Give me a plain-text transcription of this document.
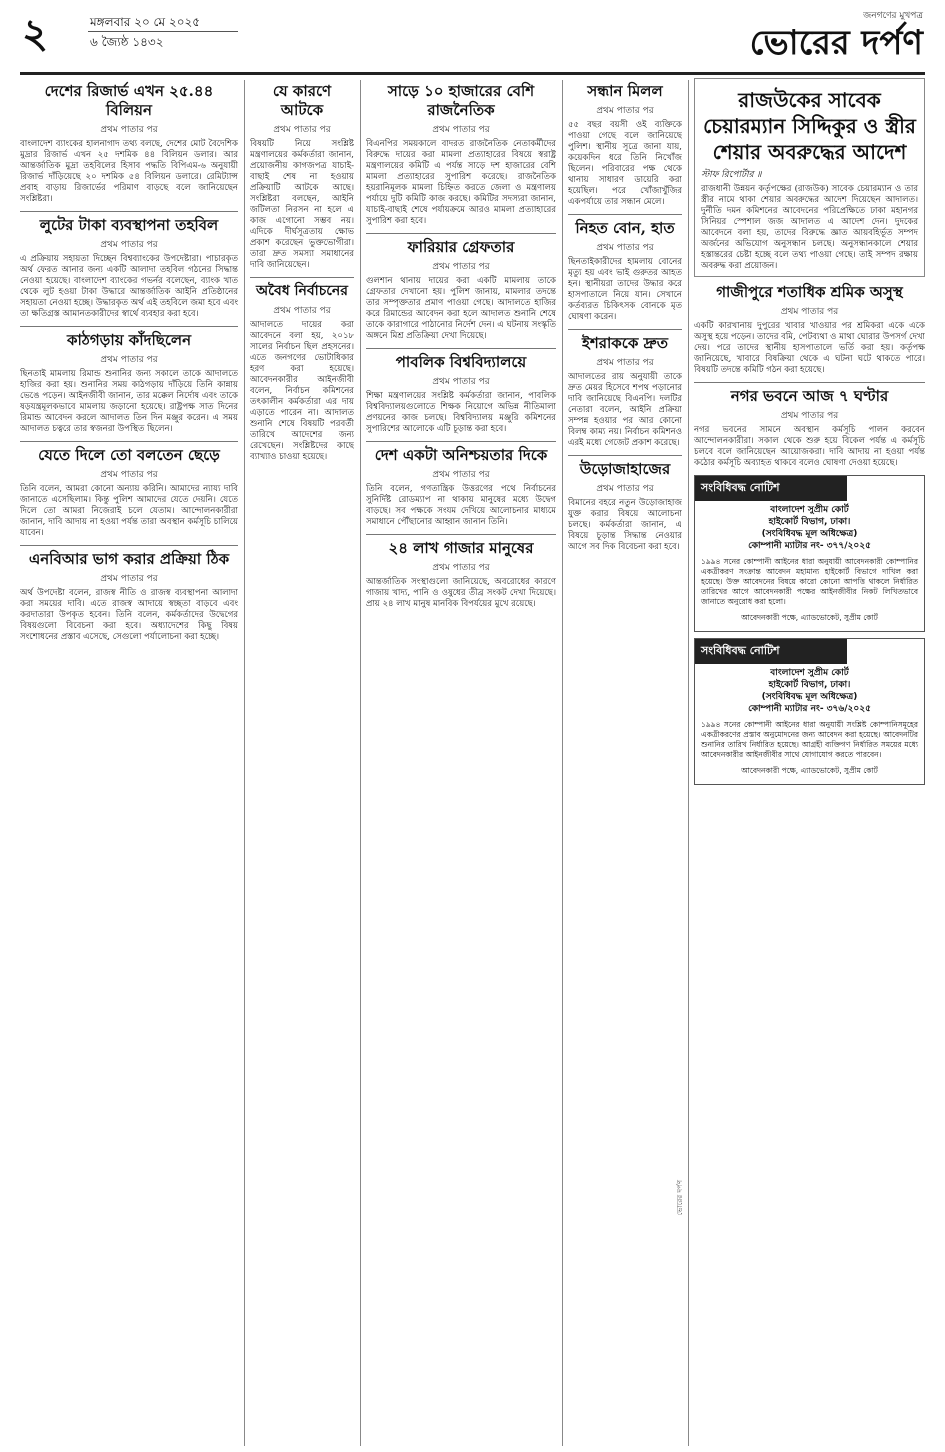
২	মঙ্গলবার ২০ মে ২০২৫
৬ জ্যৈষ্ঠ ১৪৩২
জনগণের মুখপত্র
ভোরের দর্পণ
দেশের রিজার্ভ এখন ২৫.৪৪ বিলিয়ন
প্রথম পাতার পর
বাংলাদেশ ব্যাংকের হালনাগাদ তথ্য বলছে, দেশের মোট বৈদেশিক মুদ্রার রিজার্ভ এখন ২৫ দশমিক ৪৪ বিলিয়ন ডলার। আর আন্তর্জাতিক মুদ্রা তহবিলের হিসাব পদ্ধতি বিপিএম-৬ অনুযায়ী রিজার্ভ দাঁড়িয়েছে ২০ দশমিক ৫৪ বিলিয়ন ডলারে। রেমিট্যান্স প্রবাহ বাড়ায় রিজার্ভের পরিমাণ বাড়ছে বলে জানিয়েছেন সংশ্লিষ্টরা।
লুটের টাকা ব্যবস্থাপনা তহবিল
প্রথম পাতার পর
এ প্রক্রিয়ায় সহায়তা দিচ্ছেন বিশ্বব্যাংকের উপদেষ্টারা। পাচারকৃত অর্থ ফেরত আনার জন্য একটি আলাদা তহবিল গঠনের সিদ্ধান্ত নেওয়া হয়েছে। বাংলাদেশ ব্যাংকের গভর্নর বলেছেন, ব্যাংক খাত থেকে লুট হওয়া টাকা উদ্ধারে আন্তর্জাতিক আইনি প্রতিষ্ঠানের সহায়তা নেওয়া হচ্ছে। উদ্ধারকৃত অর্থ এই তহবিলে জমা হবে এবং তা ক্ষতিগ্রস্ত আমানতকারীদের স্বার্থে ব্যবহার করা হবে।
কাঠগড়ায় কাঁদছিলেন
প্রথম পাতার পর
ছিনতাই মামলায় রিমান্ড শুনানির জন্য সকালে তাকে আদালতে হাজির করা হয়। শুনানির সময় কাঠগড়ায় দাঁড়িয়ে তিনি কান্নায় ভেঙে পড়েন। আইনজীবী জানান, তার মক্কেল নির্দোষ এবং তাকে ষড়যন্ত্রমূলকভাবে মামলায় জড়ানো হয়েছে। রাষ্ট্রপক্ষ সাত দিনের রিমান্ড আবেদন করলে আদালত তিন দিন মঞ্জুর করেন। এ সময় আদালত চত্বরে তার স্বজনরা উপস্থিত ছিলেন।
যেতে দিলে তো বলতেন ছেড়ে
প্রথম পাতার পর
তিনি বলেন, আমরা কোনো অন্যায় করিনি। আমাদের ন্যায্য দাবি জানাতে এসেছিলাম। কিন্তু পুলিশ আমাদের যেতে দেয়নি। যেতে দিলে তো আমরা নিজেরাই চলে যেতাম। আন্দোলনকারীরা জানান, দাবি আদায় না হওয়া পর্যন্ত তারা অবস্থান কর্মসূচি চালিয়ে যাবেন।
এনবিআর ভাগ করার প্রক্রিয়া ঠিক
প্রথম পাতার পর
অর্থ উপদেষ্টা বলেন, রাজস্ব নীতি ও রাজস্ব ব্যবস্থাপনা আলাদা করা সময়ের দাবি। এতে রাজস্ব আদায়ে স্বচ্ছতা বাড়বে এবং করদাতারা উপকৃত হবেন। তিনি বলেন, কর্মকর্তাদের উদ্বেগের বিষয়গুলো বিবেচনা করা হবে। অধ্যাদেশের কিছু বিষয় সংশোধনের প্রস্তাব এসেছে, সেগুলো পর্যালোচনা করা হচ্ছে।
যে কারণে আটকে
প্রথম পাতার পর
বিষয়টি নিয়ে সংশ্লিষ্ট মন্ত্রণালয়ের কর্মকর্তারা জানান, প্রয়োজনীয় কাগজপত্র যাচাই-বাছাই শেষ না হওয়ায় প্রক্রিয়াটি আটকে আছে। সংশ্লিষ্টরা বলছেন, আইনি জটিলতা নিরসন না হলে এ কাজ এগোনো সম্ভব নয়। এদিকে দীর্ঘসূত্রতায় ক্ষোভ প্রকাশ করেছেন ভুক্তভোগীরা। তারা দ্রুত সমস্যা সমাধানের দাবি জানিয়েছেন।
অবৈধ নির্বাচনের
প্রথম পাতার পর
আদালতে দায়ের করা আবেদনে বলা হয়, ২০১৮ সালের নির্বাচন ছিল প্রহসনের। এতে জনগণের ভোটাধিকার হরণ করা হয়েছে। আবেদনকারীর আইনজীবী বলেন, নির্বাচন কমিশনের তৎকালীন কর্মকর্তারা এর দায় এড়াতে পারেন না। আদালত শুনানি শেষে বিষয়টি পরবর্তী তারিখে আদেশের জন্য রেখেছেন। সংশ্লিষ্টদের কাছে ব্যাখ্যাও চাওয়া হয়েছে।
সাড়ে ১০ হাজারের বেশি রাজনৈতিক
প্রথম পাতার পর
বিএনপির সময়কালে বাদরত রাজনৈতিক নেতাকর্মীদের বিরুদ্ধে দায়ের করা মামলা প্রত্যাহারের বিষয়ে স্বরাষ্ট্র মন্ত্রণালয়ের কমিটি এ পর্যন্ত সাড়ে দশ হাজারের বেশি মামলা প্রত্যাহারের সুপারিশ করেছে। রাজনৈতিক হয়রানিমূলক মামলা চিহ্নিত করতে জেলা ও মন্ত্রণালয় পর্যায়ে দুটি কমিটি কাজ করছে। কমিটির সদস্যরা জানান, যাচাই-বাছাই শেষে পর্যায়ক্রমে আরও মামলা প্রত্যাহারের সুপারিশ করা হবে।
ফারিয়ার গ্রেফতার
প্রথম পাতার পর
গুলশান থানায় দায়ের করা একটি মামলায় তাকে গ্রেফতার দেখানো হয়। পুলিশ জানায়, মামলার তদন্তে তার সম্পৃক্ততার প্রমাণ পাওয়া গেছে। আদালতে হাজির করে রিমান্ডের আবেদন করা হলে আদালত শুনানি শেষে তাকে কারাগারে পাঠানোর নির্দেশ দেন। এ ঘটনায় সংস্কৃতি অঙ্গনে মিশ্র প্রতিক্রিয়া দেখা দিয়েছে।
পাবলিক বিশ্ববিদ্যালয়ে
প্রথম পাতার পর
শিক্ষা মন্ত্রণালয়ের সংশ্লিষ্ট কর্মকর্তারা জানান, পাবলিক বিশ্ববিদ্যালয়গুলোতে শিক্ষক নিয়োগে অভিন্ন নীতিমালা প্রণয়নের কাজ চলছে। বিশ্ববিদ্যালয় মঞ্জুরি কমিশনের সুপারিশের আলোকে এটি চূড়ান্ত করা হবে।
দেশ একটা অনিশ্চয়তার দিকে
প্রথম পাতার পর
তিনি বলেন, গণতান্ত্রিক উত্তরণের পথে নির্বাচনের সুনির্দিষ্ট রোডম্যাপ না থাকায় মানুষের মধ্যে উদ্বেগ বাড়ছে। সব পক্ষকে সংযম দেখিয়ে আলোচনার মাধ্যমে সমাধানে পৌঁছানোর আহ্বান জানান তিনি।
২৪ লাখ গাজার মানুষের
প্রথম পাতার পর
আন্তর্জাতিক সংস্থাগুলো জানিয়েছে, অবরোধের কারণে গাজায় খাদ্য, পানি ও ওষুধের তীব্র সংকট দেখা দিয়েছে। প্রায় ২৪ লাখ মানুষ মানবিক বিপর্যয়ের মুখে রয়েছে।
সন্ধান মিলল
প্রথম পাতার পর
৫৫ বছর বয়সী ওই ব্যক্তিকে পাওয়া গেছে বলে জানিয়েছে পুলিশ। স্থানীয় সূত্রে জানা যায়, কয়েকদিন ধরে তিনি নিখোঁজ ছিলেন। পরিবারের পক্ষ থেকে থানায় সাধারণ ডায়েরি করা হয়েছিল। পরে খোঁজাখুঁজির একপর্যায়ে তার সন্ধান মেলে।
নিহত বোন, হাত
প্রথম পাতার পর
ছিনতাইকারীদের হামলায় বোনের মৃত্যু হয় এবং ভাই গুরুতর আহত হন। স্থানীয়রা তাদের উদ্ধার করে হাসপাতালে নিয়ে যান। সেখানে কর্তব্যরত চিকিৎসক বোনকে মৃত ঘোষণা করেন।
ইশরাককে দ্রুত
প্রথম পাতার পর
আদালতের রায় অনুযায়ী তাকে দ্রুত মেয়র হিসেবে শপথ পড়ানোর দাবি জানিয়েছে বিএনপি। দলটির নেতারা বলেন, আইনি প্রক্রিয়া সম্পন্ন হওয়ার পর আর কোনো বিলম্ব কাম্য নয়। নির্বাচন কমিশনও এরই মধ্যে গেজেট প্রকাশ করেছে।
উড়োজাহাজের
প্রথম পাতার পর
বিমানের বহরে নতুন উড়োজাহাজ যুক্ত করার বিষয়ে আলোচনা চলছে। কর্মকর্তারা জানান, এ বিষয়ে চূড়ান্ত সিদ্ধান্ত নেওয়ার আগে সব দিক বিবেচনা করা হবে।
ভোরের দর্পণ
রাজউকের সাবেক চেয়ারম্যান সিদ্দিকুর ও স্ত্রীর শেয়ার অবরুদ্ধের আদেশ
স্টাফ রিপোর্টার ॥
রাজধানী উন্নয়ন কর্তৃপক্ষের (রাজউক) সাবেক চেয়ারম্যান ও তার স্ত্রীর নামে থাকা শেয়ার অবরুদ্ধের আদেশ দিয়েছেন আদালত। দুর্নীতি দমন কমিশনের আবেদনের পরিপ্রেক্ষিতে ঢাকা মহানগর সিনিয়র স্পেশাল জজ আদালত এ আদেশ দেন। দুদকের আবেদনে বলা হয়, তাদের বিরুদ্ধে জ্ঞাত আয়বহির্ভূত সম্পদ অর্জনের অভিযোগ অনুসন্ধান চলছে। অনুসন্ধানকালে শেয়ার হস্তান্তরের চেষ্টা হচ্ছে বলে তথ্য পাওয়া গেছে। তাই সম্পদ রক্ষায় অবরুদ্ধ করা প্রয়োজন।
গাজীপুরে শতাধিক শ্রমিক অসুস্থ
প্রথম পাতার পর
একটি কারখানায় দুপুরের খাবার খাওয়ার পর শ্রমিকরা একে একে অসুস্থ হয়ে পড়েন। তাদের বমি, পেটব্যথা ও মাথা ঘোরার উপসর্গ দেখা দেয়। পরে তাদের স্থানীয় হাসপাতালে ভর্তি করা হয়। কর্তৃপক্ষ জানিয়েছে, খাবারে বিষক্রিয়া থেকে এ ঘটনা ঘটে থাকতে পারে। বিষয়টি তদন্তে কমিটি গঠন করা হয়েছে।
নগর ভবনে আজ ৭ ঘণ্টার
প্রথম পাতার পর
নগর ভবনের সামনে অবস্থান কর্মসূচি পালন করবেন আন্দোলনকারীরা। সকাল থেকে শুরু হয়ে বিকেল পর্যন্ত এ কর্মসূচি চলবে বলে জানিয়েছেন আয়োজকরা। দাবি আদায় না হওয়া পর্যন্ত কঠোর কর্মসূচি অব্যাহত থাকবে বলেও ঘোষণা দেওয়া হয়েছে।
সংবিধিবদ্ধ নোটিশ
বাংলাদেশ সুপ্রীম কোর্ট
হাইকোর্ট বিভাগ, ঢাকা।
(সংবিধিবদ্ধ মূল অধিক্ষেত্র)
কোম্পানী ম্যাটার নং- ৩৭৭/২০২৫
১৯৯৪ সনের কোম্পানী আইনের ধারা অনুযায়ী আবেদনকারী কোম্পানির একত্রীকরণ সংক্রান্ত আবেদন মহামান্য হাইকোর্ট বিভাগে দাখিল করা হয়েছে। উক্ত আবেদনের বিষয়ে কারো কোনো আপত্তি থাকলে নির্ধারিত তারিখের আগে আবেদনকারী পক্ষের আইনজীবীর নিকট লিখিতভাবে জানাতে অনুরোধ করা হলো।
আবেদনকারী পক্ষে, এ্যাডভোকেট, সুপ্রীম কোর্ট
সংবিধিবদ্ধ নোটিশ
বাংলাদেশ সুপ্রীম কোর্ট
হাইকোর্ট বিভাগ, ঢাকা।
(সংবিধিবদ্ধ মূল অধিক্ষেত্র)
কোম্পানী ম্যাটার নং- ৩৭৬/২০২৫
১৯৯৪ সনের কোম্পানী আইনের ধারা অনুযায়ী সংশ্লিষ্ট কোম্পানিসমূহের একত্রীকরণের প্রস্তাব অনুমোদনের জন্য আবেদন করা হয়েছে। আবেদনটির শুনানির তারিখ নির্ধারিত হয়েছে। আগ্রহী ব্যক্তিগণ নির্ধারিত সময়ের মধ্যে আবেদনকারীর আইনজীবীর সাথে যোগাযোগ করতে পারবেন।
আবেদনকারী পক্ষে, এ্যাডভোকেট, সুপ্রীম কোর্ট
